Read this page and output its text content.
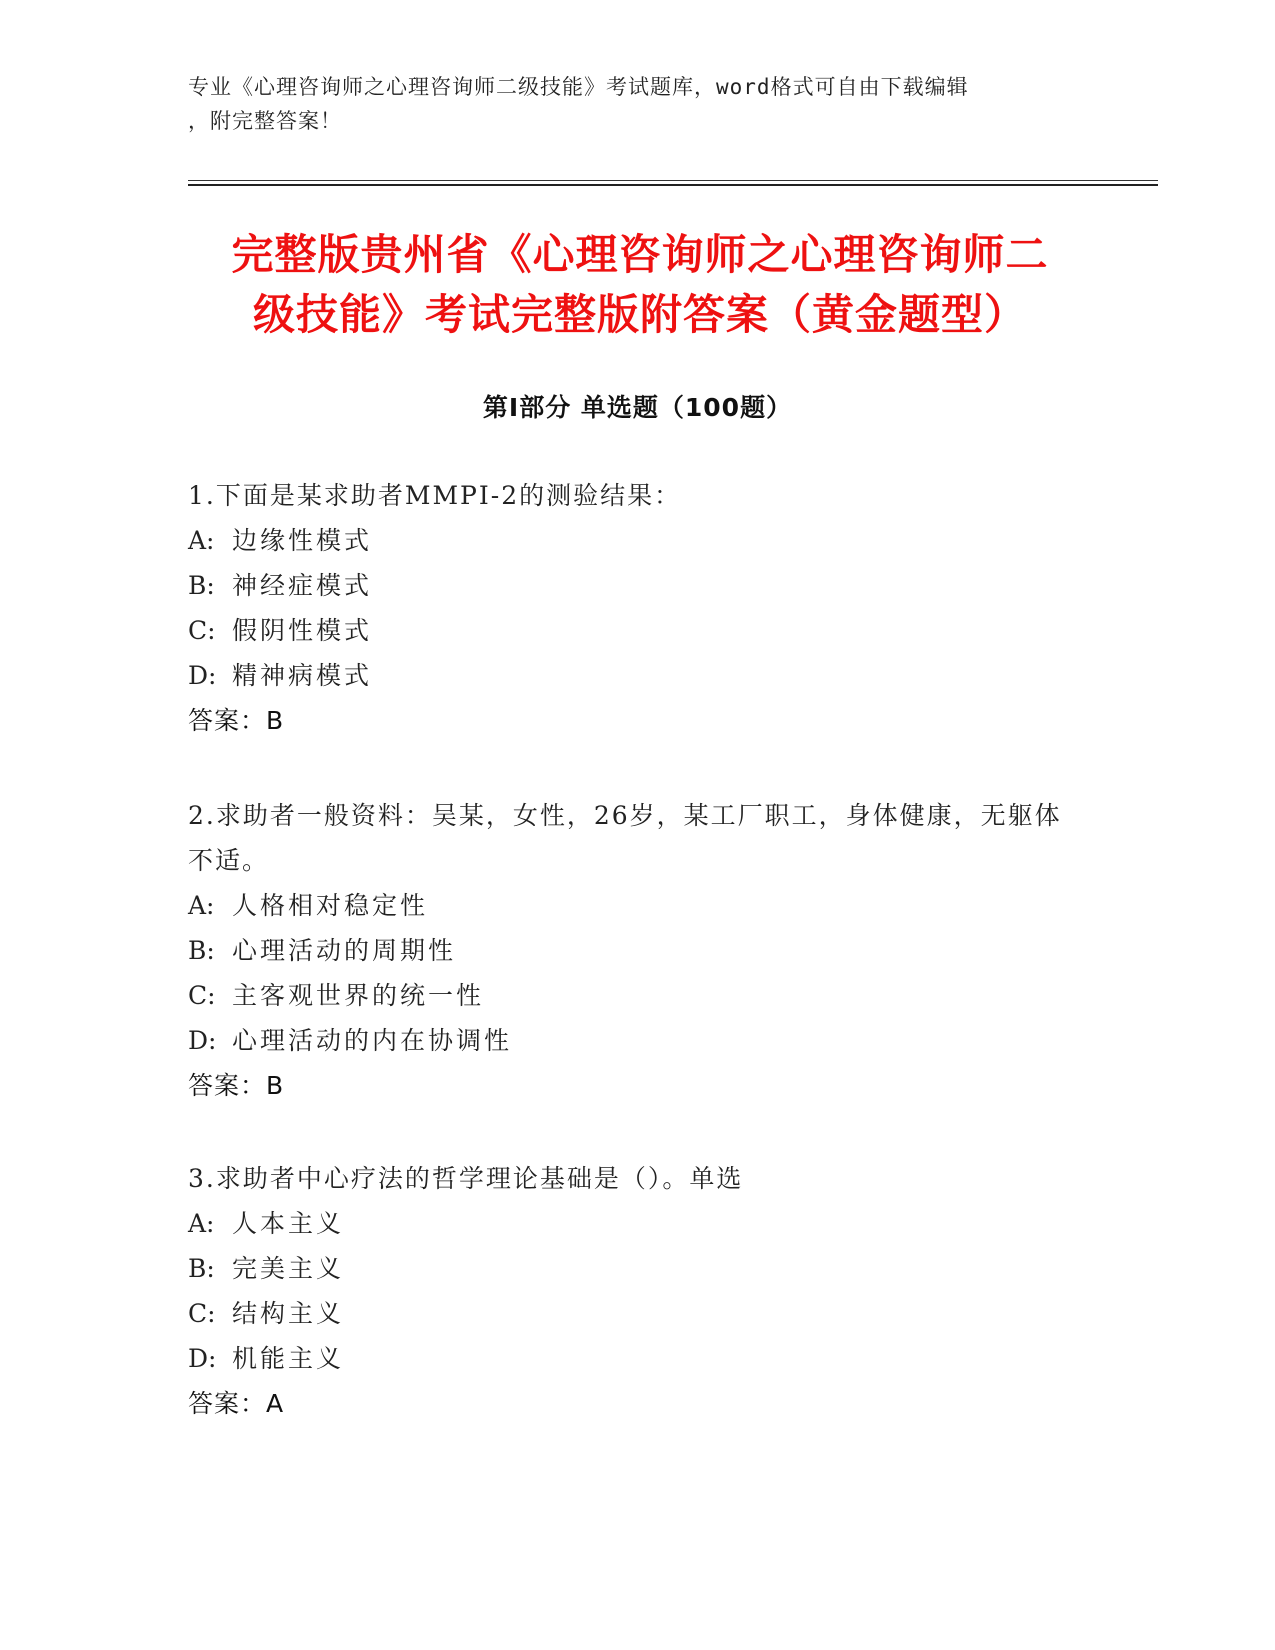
专业《心理咨询师之心理咨询师二级技能》考试题库，word格式可自由下载编辑
，附完整答案！
完整版贵州省《心理咨询师之心理咨询师二
级技能》考试完整版附答案（黄金题型）
第Ⅰ部分 单选题（100题）
1.下面是某求助者MMPI-2的测验结果：
A: 边缘性模式
B: 神经症模式
C: 假阴性模式
D: 精神病模式
答案：B
2.求助者一般资料：吴某，女性，26岁，某工厂职工，身体健康，无躯体不适。
A: 人格相对稳定性
B: 心理活动的周期性
C: 主客观世界的统一性
D: 心理活动的内在协调性
答案：B
3.求助者中心疗法的哲学理论基础是（）。单选
A: 人本主义
B: 完美主义
C: 结构主义
D: 机能主义
答案：A
